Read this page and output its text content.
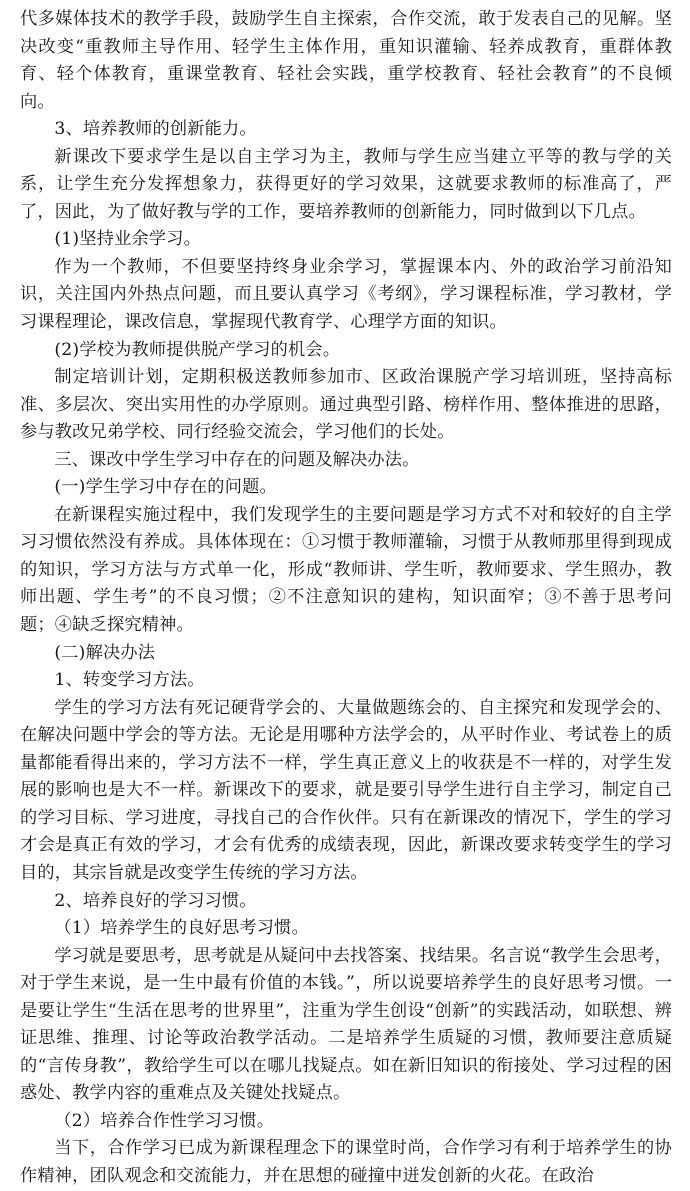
代多媒体技术的教学手段，鼓励学生自主探索，合作交流，敢于发表自己的见解。坚决改变“重教师主导作用、轻学生主体作用，重知识灌输、轻养成教育，重群体教育、轻个体教育，重课堂教育、轻社会实践，重学校教育、轻社会教育”的不良倾向。

3、培养教师的创新能力。

新课改下要求学生是以自主学习为主，教师与学生应当建立平等的教与学的关系，让学生充分发挥想象力，获得更好的学习效果，这就要求教师的标准高了，严了，因此，为了做好教与学的工作，要培养教师的创新能力，同时做到以下几点。

(1)坚持业余学习。

作为一个教师，不但要坚持终身业余学习，掌握课本内、外的政治学习前沿知识，关注国内外热点问题，而且要认真学习《考纲》，学习课程标准，学习教材，学习课程理论，课改信息，掌握现代教育学、心理学方面的知识。

(2)学校为教师提供脱产学习的机会。

制定培训计划，定期积极送教师参加市、区政治课脱产学习培训班，坚持高标准、多层次、突出实用性的办学原则。通过典型引路、榜样作用、整体推进的思路，参与教改兄弟学校、同行经验交流会，学习他们的长处。

三、课改中学生学习中存在的问题及解决办法。

(一)学生学习中存在的问题。

在新课程实施过程中，我们发现学生的主要问题是学习方式不对和较好的自主学习习惯依然没有养成。具体体现在：①习惯于教师灌输，习惯于从教师那里得到现成的知识，学习方法与方式单一化，形成“教师讲、学生听，教师要求、学生照办，教师出题、学生考”的不良习惯；②不注意知识的建构，知识面窄；③不善于思考问题；④缺乏探究精神。

(二)解决办法

1、转变学习方法。

学生的学习方法有死记硬背学会的、大量做题练会的、自主探究和发现学会的、在解决问题中学会的等方法。无论是用哪种方法学会的，从平时作业、考试卷上的质量都能看得出来的，学习方法不一样，学生真正意义上的收获是不一样的，对学生发展的影响也是大不一样。新课改下的要求，就是要引导学生进行自主学习，制定自己的学习目标、学习进度，寻找自己的合作伙伴。只有在新课改的情况下，学生的学习才会是真正有效的学习，才会有优秀的成绩表现，因此，新课改要求转变学生的学习目的，其宗旨就是改变学生传统的学习方法。

2、培养良好的学习习惯。

（1）培养学生的良好思考习惯。

学习就是要思考，思考就是从疑问中去找答案、找结果。名言说“教学生会思考，对于学生来说，是一生中最有价值的本钱。”，所以说要培养学生的良好思考习惯。一是要让学生“生活在思考的世界里”，注重为学生创设“创新”的实践活动，如联想、辨证思维、推理、讨论等政治教学活动。二是培养学生质疑的习惯，教师要注意质疑的“言传身教”，教给学生可以在哪儿找疑点。如在新旧知识的衔接处、学习过程的困惑处、教学内容的重难点及关键处找疑点。

（2）培养合作性学习习惯。

当下，合作学习已成为新课程理念下的课堂时尚，合作学习有利于培养学生的协作精神，团队观念和交流能力，并在思想的碰撞中迸发创新的火花。在政治
